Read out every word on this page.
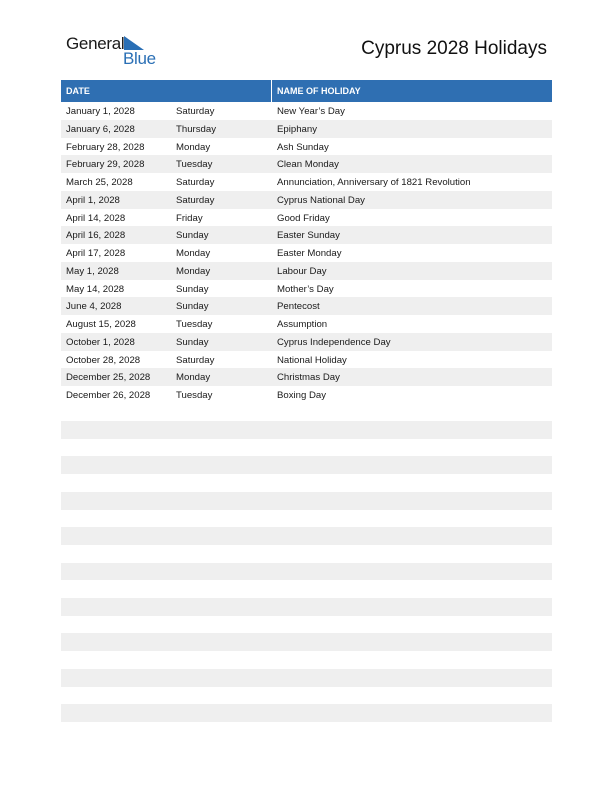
General
Blue	Cyprus 2028 Holidays
DATE	NAME OF HOLIDAY
January 1, 2028	Saturday	New Year’s Day
January 6, 2028	Thursday	Epiphany
February 28, 2028	Monday	Ash Sunday
February 29, 2028	Tuesday	Clean Monday
March 25, 2028	Saturday	Annunciation, Anniversary of 1821 Revolution
April 1, 2028	Saturday	Cyprus National Day
April 14, 2028	Friday	Good Friday
April 16, 2028	Sunday	Easter Sunday
April 17, 2028	Monday	Easter Monday
May 1, 2028	Monday	Labour Day
May 14, 2028	Sunday	Mother’s Day
June 4, 2028	Sunday	Pentecost
August 15, 2028	Tuesday	Assumption
October 1, 2028	Sunday	Cyprus Independence Day
October 28, 2028	Saturday	National Holiday
December 25, 2028	Monday	Christmas Day
December 26, 2028	Tuesday	Boxing Day
